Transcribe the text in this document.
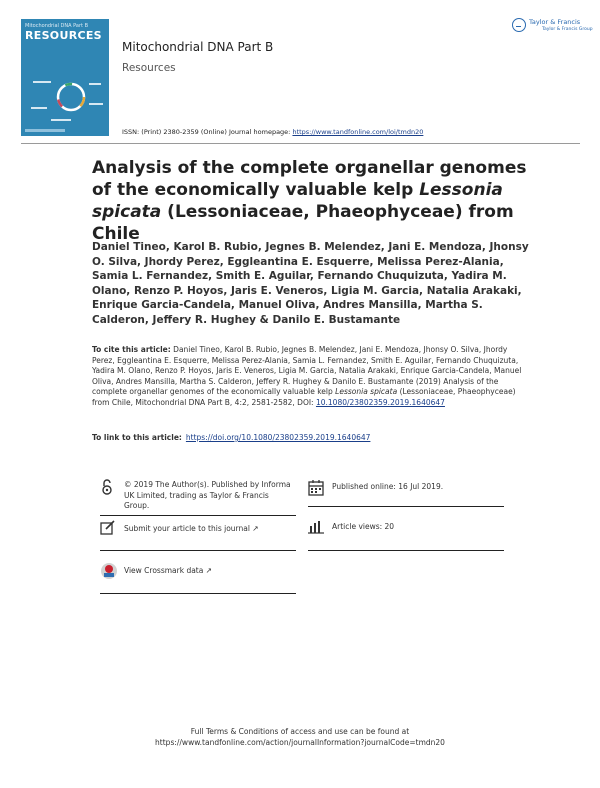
Mitochondrial DNA Part B
RESOURCES
Mitochondrial DNA Part B
Resources
Taylor & Francis
Taylor & Francis Group
ISSN: (Print) 2380-2359 (Online) Journal homepage: https://www.tandfonline.com/loi/tmdn20
Analysis of the complete organellar genomes of the economically valuable kelp Lessonia spicata (Lessoniaceae, Phaeophyceae) from Chile
Daniel Tineo, Karol B. Rubio, Jegnes B. Melendez, Jani E. Mendoza, Jhonsy O. Silva, Jhordy Perez, Eggleantina E. Esquerre, Melissa Perez-Alania, Samia L. Fernandez, Smith E. Aguilar, Fernando Chuquizuta, Yadira M. Olano, Renzo P. Hoyos, Jaris E. Veneros, Ligia M. Garcia, Natalia Arakaki, Enrique Garcia-Candela, Manuel Oliva, Andres Mansilla, Martha S. Calderon, Jeffery R. Hughey & Danilo E. Bustamante
To cite this article: Daniel Tineo, Karol B. Rubio, Jegnes B. Melendez, Jani E. Mendoza, Jhonsy O. Silva, Jhordy Perez, Eggleantina E. Esquerre, Melissa Perez-Alania, Samia L. Fernandez, Smith E. Aguilar, Fernando Chuquizuta, Yadira M. Olano, Renzo P. Hoyos, Jaris E. Veneros, Ligia M. Garcia, Natalia Arakaki, Enrique Garcia-Candela, Manuel Oliva, Andres Mansilla, Martha S. Calderon, Jeffery R. Hughey & Danilo E. Bustamante (2019) Analysis of the complete organellar genomes of the economically valuable kelp Lessonia spicata (Lessoniaceae, Phaeophyceae) from Chile, Mitochondrial DNA Part B, 4:2, 2581-2582, DOI: 10.1080/23802359.2019.1640647
To link to this article: https://doi.org/10.1080/23802359.2019.1640647
© 2019 The Author(s). Published by Informa UK Limited, trading as Taylor & Francis Group.
Published online: 16 Jul 2019.
Submit your article to this journal ↗	Article views: 20
View Crossmark data ↗
Full Terms & Conditions of access and use can be found at
https://www.tandfonline.com/action/journalInformation?journalCode=tmdn20
